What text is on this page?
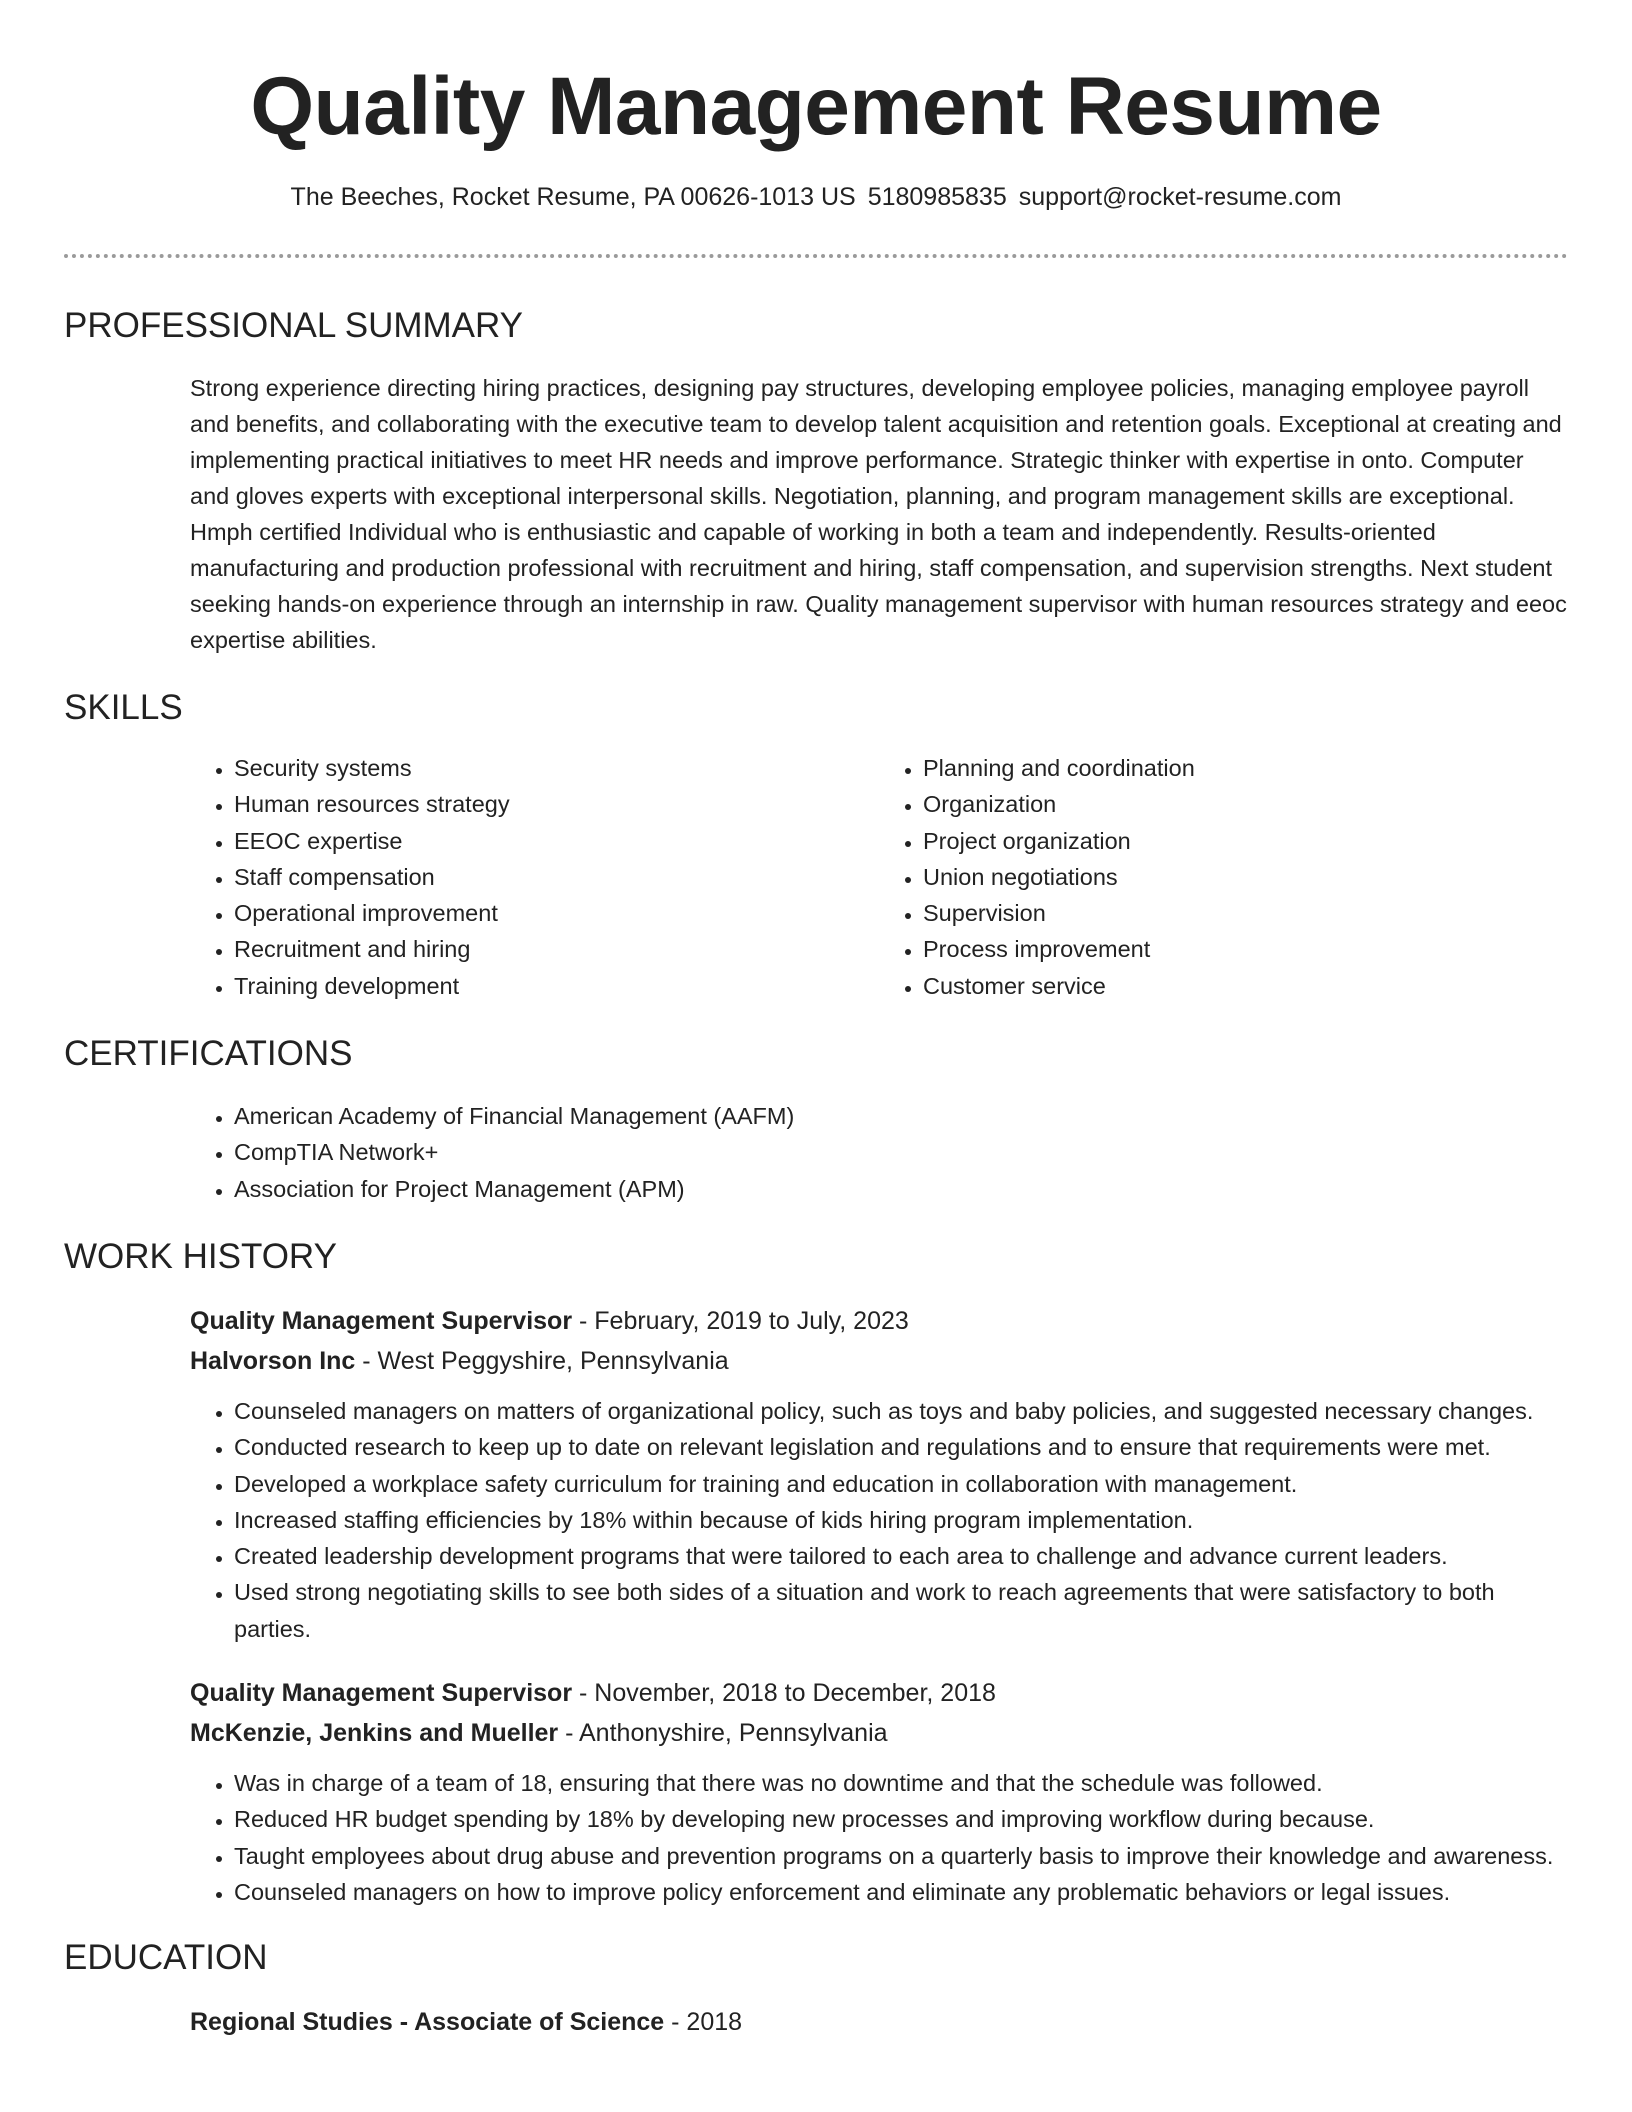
Quality Management Resume
The Beeches, Rocket Resume, PA 00626-1013 US 5180985835 support@rocket-resume.com
PROFESSIONAL SUMMARY
Strong experience directing hiring practices, designing pay structures, developing employee policies, managing employee payroll and benefits, and collaborating with the executive team to develop talent acquisition and retention goals. Exceptional at creating and implementing practical initiatives to meet HR needs and improve performance. Strategic thinker with expertise in onto. Computer and gloves experts with exceptional interpersonal skills. Negotiation, planning, and program management skills are exceptional. Hmph certified Individual who is enthusiastic and capable of working in both a team and independently. Results-oriented manufacturing and production professional with recruitment and hiring, staff compensation, and supervision strengths. Next student seeking hands-on experience through an internship in raw. Quality management supervisor with human resources strategy and eeoc expertise abilities.
SKILLS
• Security systems
• Human resources strategy
• EEOC expertise
• Staff compensation
• Operational improvement
• Recruitment and hiring
• Training development
• Planning and coordination
• Organization
• Project organization
• Union negotiations
• Supervision
• Process improvement
• Customer service
CERTIFICATIONS
• American Academy of Financial Management (AAFM)
• CompTIA Network+
• Association for Project Management (APM)
WORK HISTORY
Quality Management Supervisor - February, 2019 to July, 2023
Halvorson Inc - West Peggyshire, Pennsylvania
• Counseled managers on matters of organizational policy, such as toys and baby policies, and suggested necessary changes.
• Conducted research to keep up to date on relevant legislation and regulations and to ensure that requirements were met.
• Developed a workplace safety curriculum for training and education in collaboration with management.
• Increased staffing efficiencies by 18% within because of kids hiring program implementation.
• Created leadership development programs that were tailored to each area to challenge and advance current leaders.
• Used strong negotiating skills to see both sides of a situation and work to reach agreements that were satisfactory to both parties.
Quality Management Supervisor - November, 2018 to December, 2018
McKenzie, Jenkins and Mueller - Anthonyshire, Pennsylvania
• Was in charge of a team of 18, ensuring that there was no downtime and that the schedule was followed.
• Reduced HR budget spending by 18% by developing new processes and improving workflow during because.
• Taught employees about drug abuse and prevention programs on a quarterly basis to improve their knowledge and awareness.
• Counseled managers on how to improve policy enforcement and eliminate any problematic behaviors or legal issues.
EDUCATION
Regional Studies - Associate of Science - 2018
